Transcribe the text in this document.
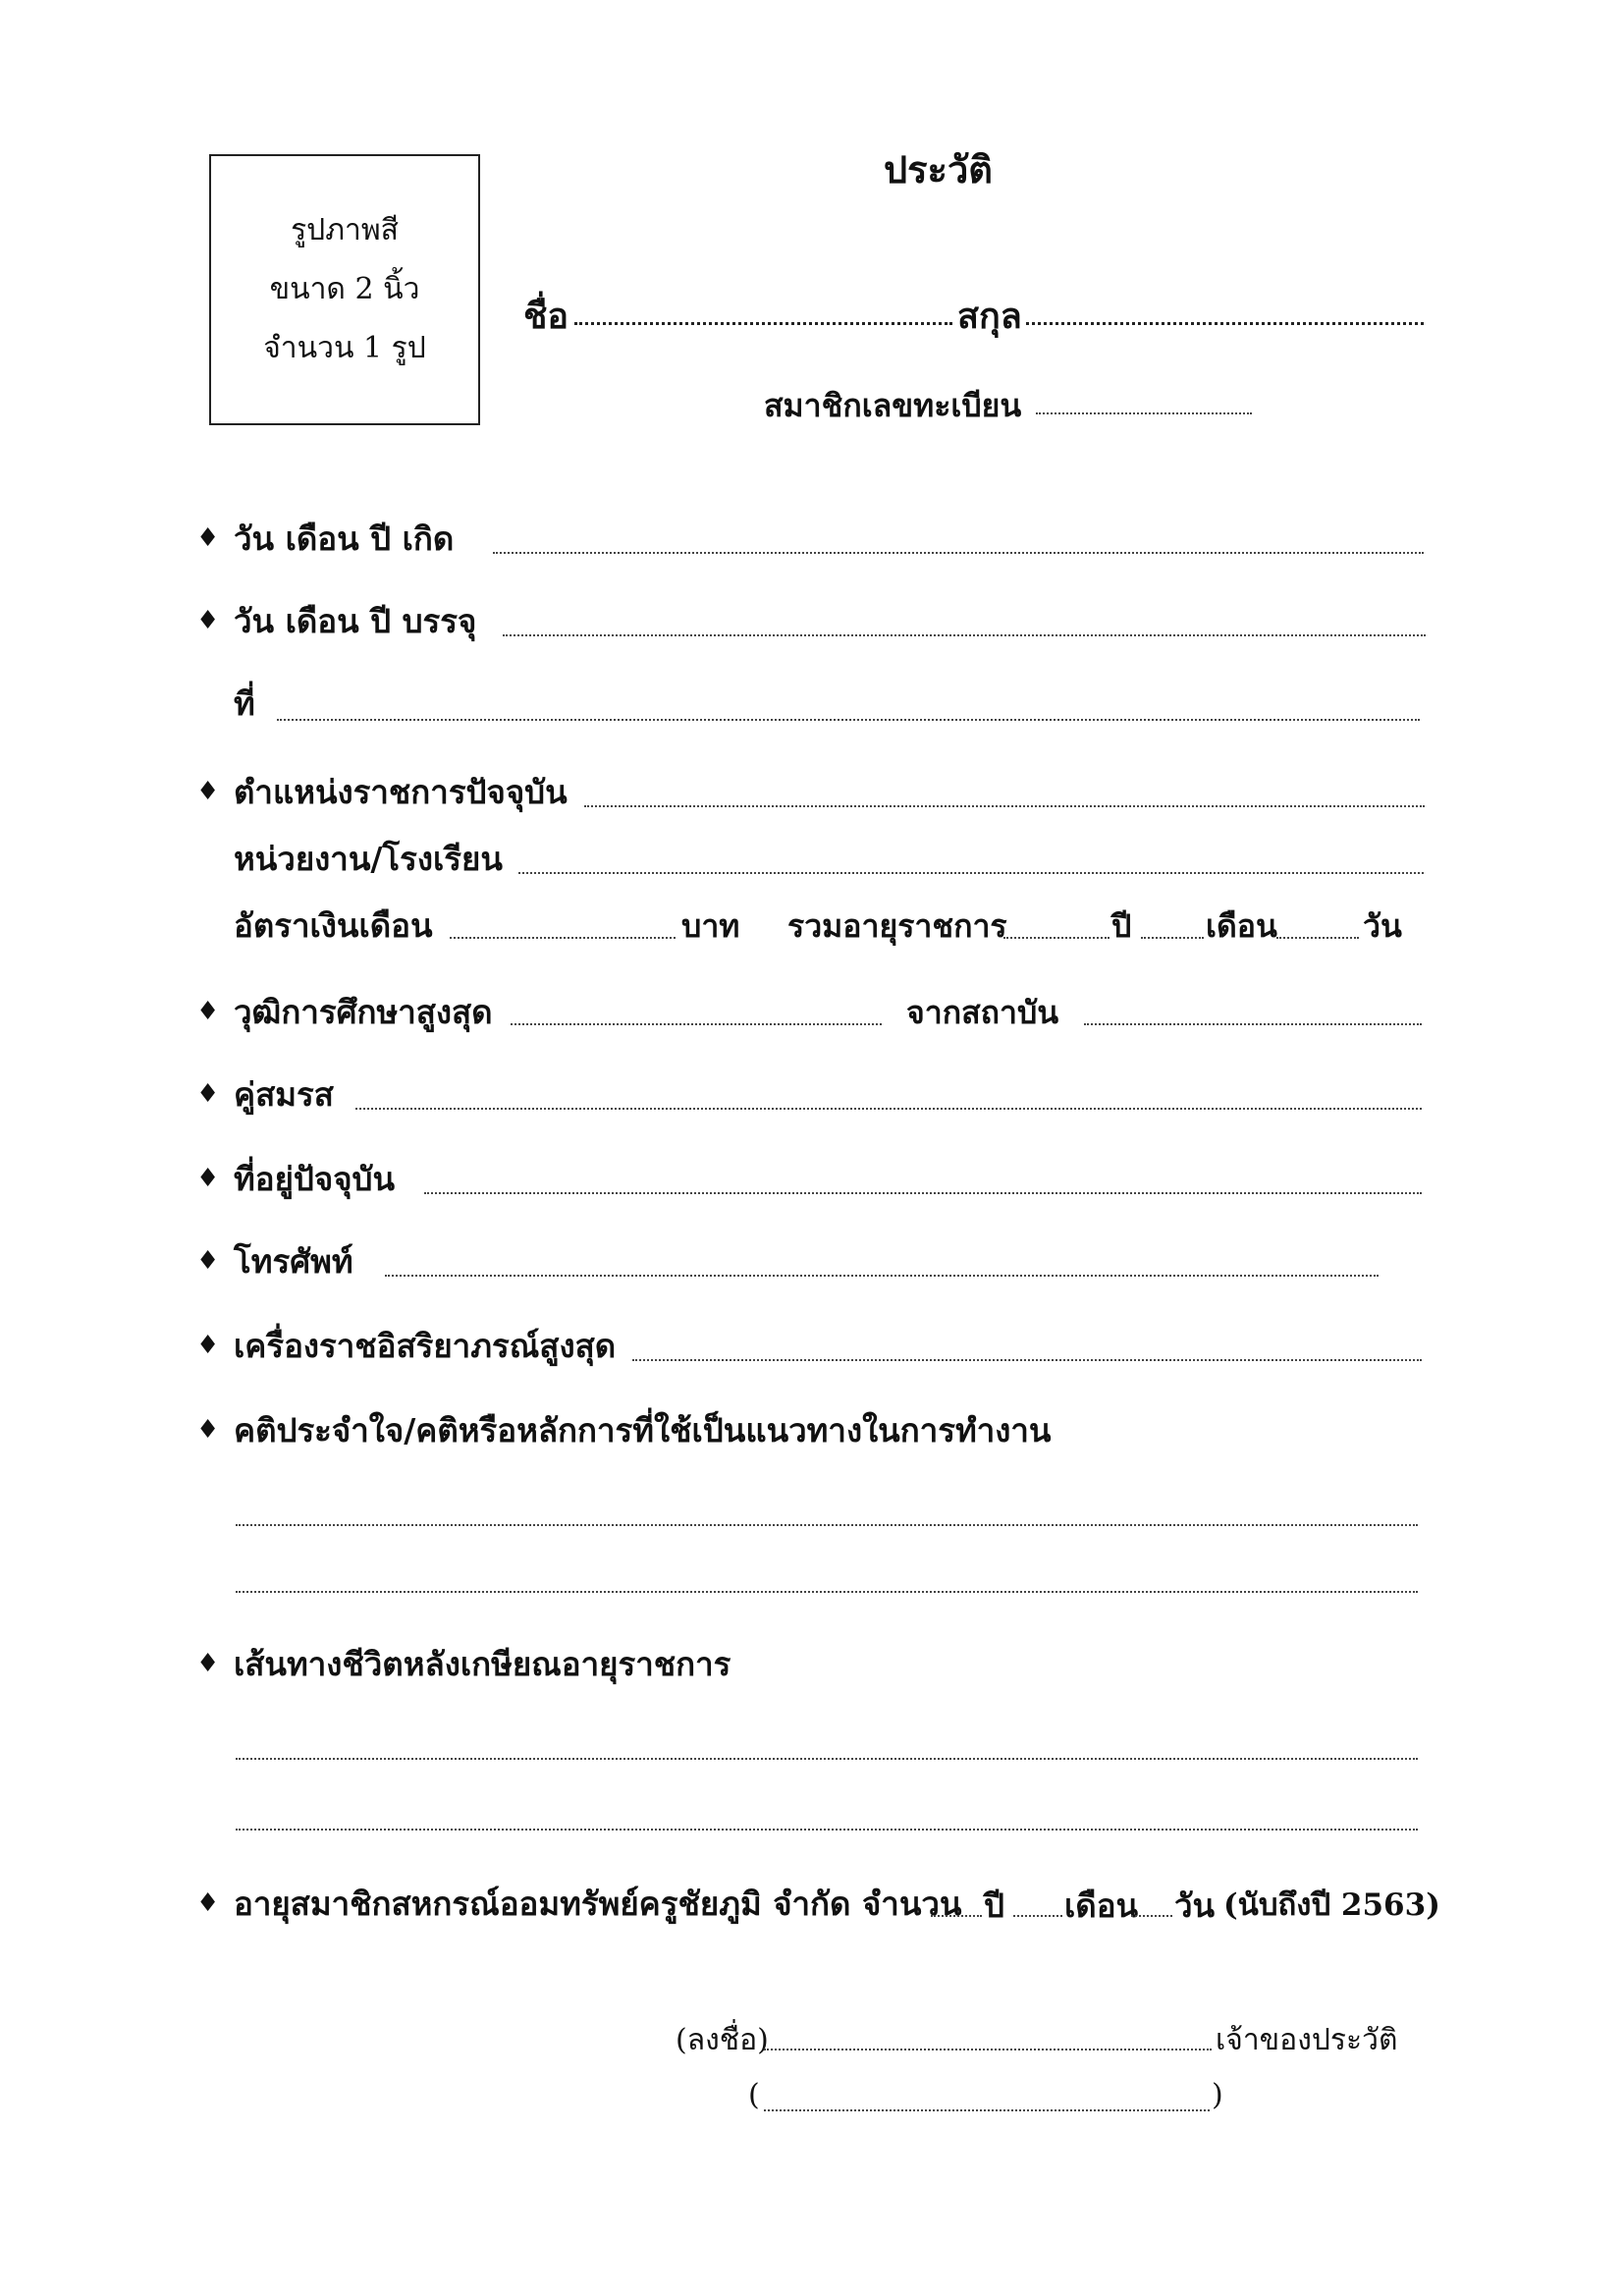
รูปภาพสี
ขนาด 2 นิ้ว
จำนวน 1 รูป
ประวัติ
ชื่อ	สกุล
สมาชิกเลขทะเบียน
♦ วัน เดือน ปี เกิด
♦ วัน เดือน ปี บรรจุ
ที่
♦ ตำแหน่งราชการปัจจุบัน
หน่วยงาน/โรงเรียน
อัตราเงินเดือน	บาท รวมอายุราชการ	ปี เดือน	วัน
♦ วุฒิการศึกษาสูงสุด	จากสถาบัน
♦ คู่สมรส
♦ ที่อยู่ปัจจุบัน
♦ โทรศัพท์
♦ เครื่องราชอิสริยาภรณ์สูงสุด
♦ คติประจำใจ/คติหรือหลักการที่ใช้เป็นแนวทางในการทำงาน
♦ เส้นทางชีวิตหลังเกษียณอายุราชการ
♦ อายุสมาชิกสหกรณ์ออมทรัพย์ครูชัยภูมิ จำกัด จำนวน ปี เดือน วัน (นับถึงปี 2563)
(ลงชื่อ)	เจ้าของประวัติ
(	)
